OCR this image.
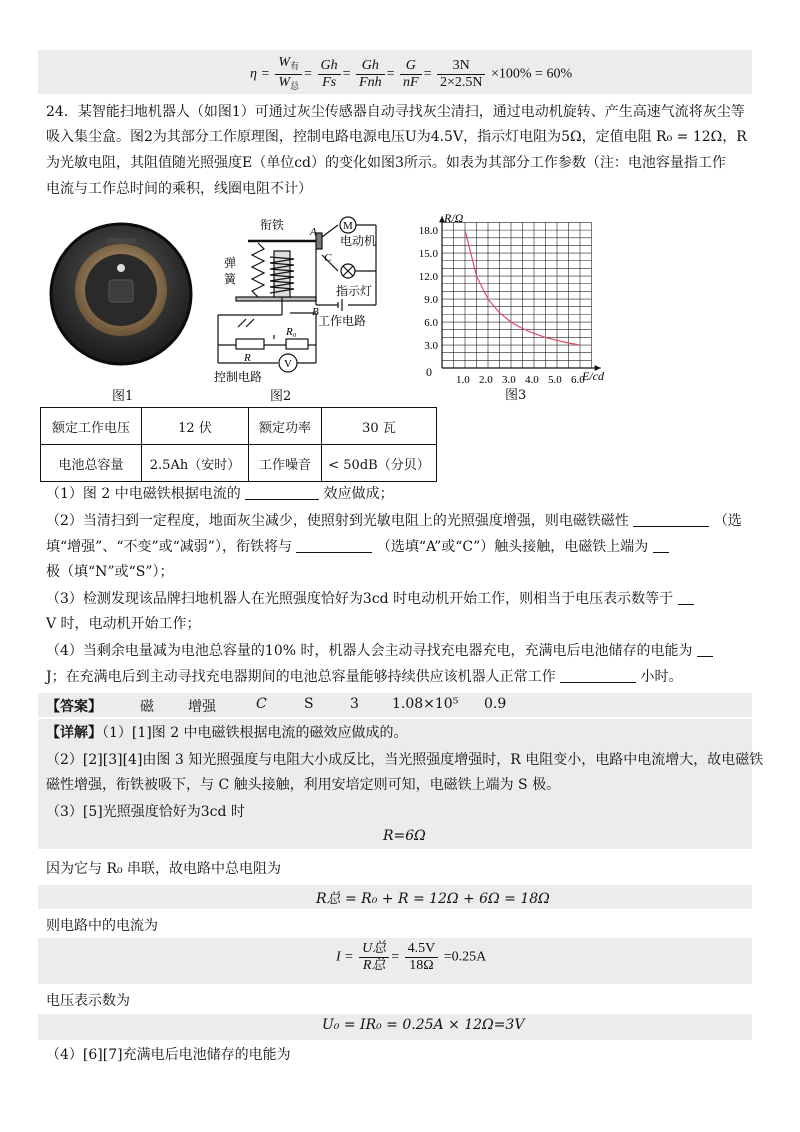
$\eta = \frac{W_有}{W_总} = \frac{Gh}{Fs} = \frac{Gh}{\text{Fnh}} = \frac{G}{nF} = \frac{3N}{2\times 2.5N} \times 100\% = 60\%$
24．某智能扫地机器人（如图1）可通过灰尘传感器自动寻找灰尘清扫，通过电动机旋转、产生高速气流将灰尘等
吸入集尘盒。图2为其部分工作原理图，控制电路电源电压U为4.5V，指示灯电阻为5Ω，定值电阻 R₀ = 12Ω，R
为光敏电阻，其阻值随光照强度E（单位cd）的变化如图3所示。如表为其部分工作参数（注：电池容量指工作
电流与工作总时间的乘积，线圈电阻不计）
图1
衔铁
弹
簧
A
C
M
电动机
指示灯
工作电路
B
R₀
R	V
控制电路
图2
1.0 2.0 3.0 4.0 5.0 6.0
3.0
6.0
9.0
12.0
15.0
18.0
R/Ω
E/cd
0
图3
额定工作电压	12 伏	额定功率	30 瓦
电池总容量	2.5Ah（安时）	工作噪音	< 50dB（分贝）
（1）图 2 中电磁铁根据电流的	效应做成；
（2）当清扫到一定程度，地面灰尘减少，使照射到光敏电阻上的光照强度增强，则电磁铁磁性	（选
填“增强”、“不变”或“减弱”），衔铁将与	（选填“A”或“C”）触头接触，电磁铁上端为
极（填“N”或“S”）；
（3）检测发现该品牌扫地机器人在光照强度恰好为3cd 时电动机开始工作，则相当于电压表示数等于
V 时，电动机开始工作；
（4）当剩余电量减为电池总容量的10% 时，机器人会主动寻找充电器充电，充满电后电池储存的电能为
J；在充满电后到主动寻找充电器期间的电池总容量能够持续供应该机器人正常工作	小时。
【答案】	磁 增强	C	S	3 1.08×10⁵ 0.9
【详解】（1）[1]图 2 中电磁铁根据电流的磁效应做成的。
（2）[2][3][4]由图 3 知光照强度与电阻大小成反比，当光照强度增强时，R 电阻变小，电路中电流增大，故电磁铁
磁性增强，衔铁被吸下，与 C 触头接触，利用安培定则可知，电磁铁上端为 S 极。
（3）[5]光照强度恰好为3cd 时
R=6Ω
因为它与 R₀ 串联，故电路中总电阻为
R总 = R₀ + R = 12Ω + 6Ω = 18Ω
则电路中的电流为
$I = \frac{\text{U总}}{\text{R总}} = \frac{4.5V}{18\Omega} =0.25A$
电压表示数为
U₀ = IR₀ = 0.25A × 12Ω=3V
（4）[6][7]充满电后电池储存的电能为
